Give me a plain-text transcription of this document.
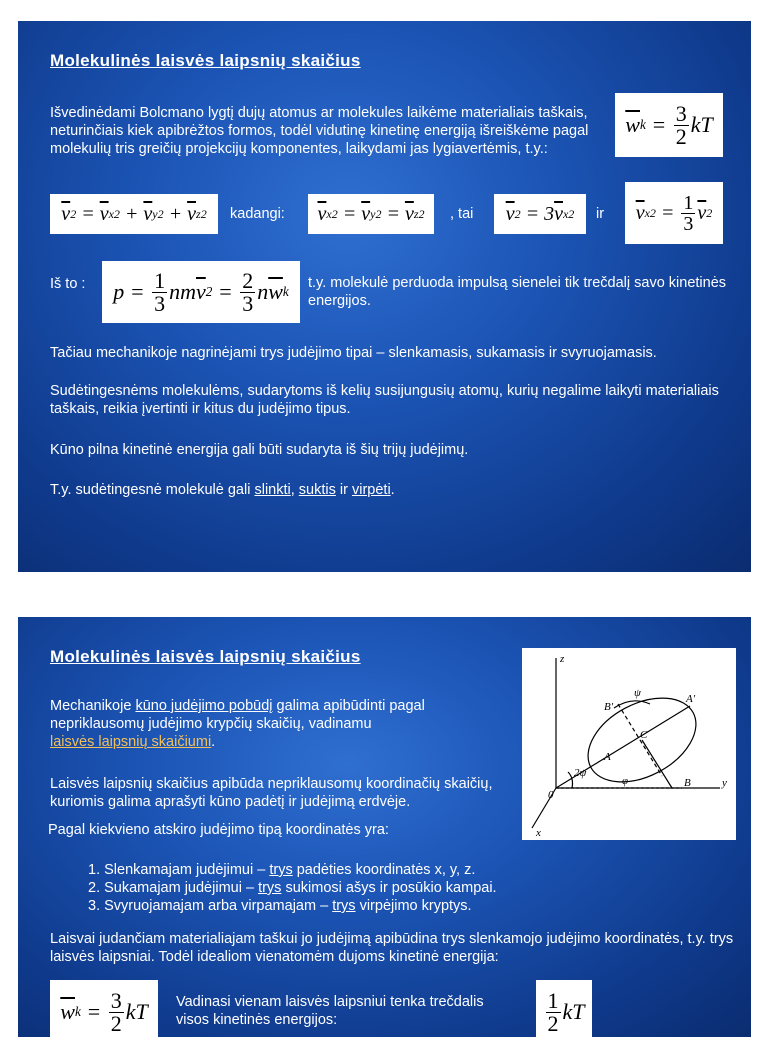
Molekulinės laisvės laipsnių skaičius
Išvedinėdami Bolcmano lygtį dujų atomus ar molekules laikėme materialiais taškais, neturinčiais kiek apibrėžtos formos, todėl vidutinę kinetinę energiją išreiškėme pagal molekulių tris greičių projekcijų komponentes, laikydami jas lygiavertėmis, t.y.:
$\overline{w}$ $k = \frac{3}{2}$ kT
$\overline{v}$ $2 = \overline{v}$ x $2 + \overline{v}$ y $2 + \overline{v}$ z 2 kadangi: $\overline{v}$ x $2 = \overline{v}$ y $2 = \overline{v}$ z 2 , tai $\overline{v}$ 2 = 3 $\overline{v}$ x 2 ir $\overline{v}$ x $2 = \frac{1}{3} \overline{v}$ 2
Iš to :	$p = \frac{1}{3}$ nm $\overline{v}$ $2 = \frac{2}{3}$ n $\overline{w}$ k
t.y. molekulė perduoda impulsą sienelei tik trečdalį savo kinetinės energijos.
Tačiau mechanikoje nagrinėjami trys judėjimo tipai – slenkamasis, sukamasis ir svyruojamasis.
Sudėtingesnėms molekulėms, sudarytoms iš kelių susijungusių atomų, kurių negalime laikyti materialiais taškais, reikia įvertinti ir kitus du judėjimo tipus.
Kūno pilna kinetinė energija gali būti sudaryta iš šių trijų judėjimų.
T.y. sudėtingesnė molekulė gali slinkti, suktis ir virpėti.
Molekulinės laisvės laipsnių skaičius
Mechanikoje kūno judėjimo pobūdį galima apibūdinti pagal nepriklausomų judėjimo krypčių skaičių, vadinamu
laisvės laipsnių skaičiumi.
z
y
x
0
A
A'
B
B'
C
ψ
2ψ
φ
Laisvės laipsnių skaičius apibūda nepriklausomų koordinačių skaičių, kuriomis galima aprašyti kūno padėtį ir judėjimą erdvėje.
Pagal kiekvieno atskiro judėjimo tipą koordinatės yra:
1. Slenkamajam judėjimui – trys padėties koordinatės x, y, z.
2. Sukamajam judėjimui – trys sukimosi ašys ir posūkio kampai.
3. Svyruojamajam arba virpamajam – trys virpėjimo kryptys.
Laisvai judančiam materialiajam taškui jo judėjimą apibūdina trys slenkamojo judėjimo koordinatės, t.y. trys laisvės laipsniai. Todėl idealiom vienatomėm dujoms kinetinė energija:
$\overline{w}$ $k = \frac{3}{2}$ kT Vadinasi vienam laisvės laipsniui tenka trečdalis visos kinetinės energijos:	$\frac{1}{2}$ kT
